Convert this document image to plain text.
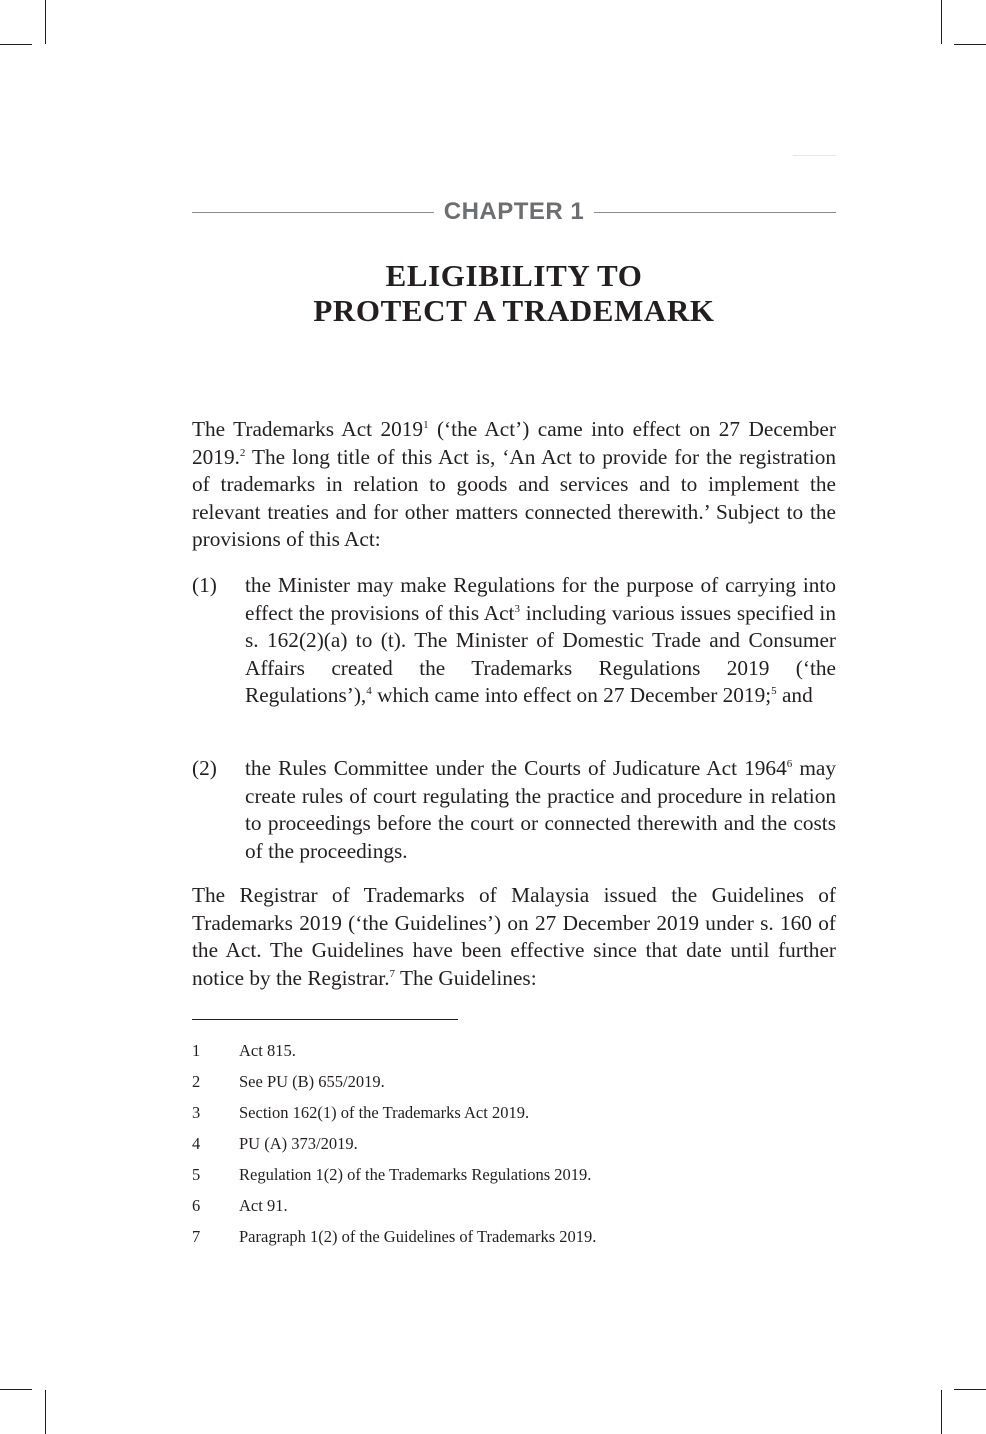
CHAPTER 1
ELIGIBILITY TO
PROTECT A TRADEMARK

The Trademarks Act 2019$^1$ (‘the Act’) came into effect on 27 December 2019.$^2$ The long title of this Act is, ‘An Act to provide for the registration of trademarks in relation to goods and services and to implement the relevant treaties and for other matters connected therewith.’ Subject to the provisions of this Act:

(1)	the Minister may make Regulations for the purpose of carrying into effect the provisions of this Act$^3$ including various issues specified in s. 162(2)(a) to (t). The Minister of Domestic Trade and Consumer Affairs created the Trademarks Regulations 2019 (‘the Regulations’),$^4$ which came into effect on 27 December 2019;$^5$ and

(2)	the Rules Committee under the Courts of Judicature Act 1964$^6$ may create rules of court regulating the practice and procedure in relation to proceedings before the court or connected therewith and the costs of the proceedings.

The Registrar of Trademarks of Malaysia issued the Guidelines of Trademarks 2019 (‘the Guidelines’) on 27 December 2019 under s. 160 of the Act. The Guidelines have been effective since that date until further notice by the Registrar.$^7$ The Guidelines:

1 Act 815.
2 See PU (B) 655/2019.
3 Section 162(1) of the Trademarks Act 2019.
4 PU (A) 373/2019.
5 Regulation 1(2) of the Trademarks Regulations 2019.
6 Act 91.
7 Paragraph 1(2) of the Guidelines of Trademarks 2019.
